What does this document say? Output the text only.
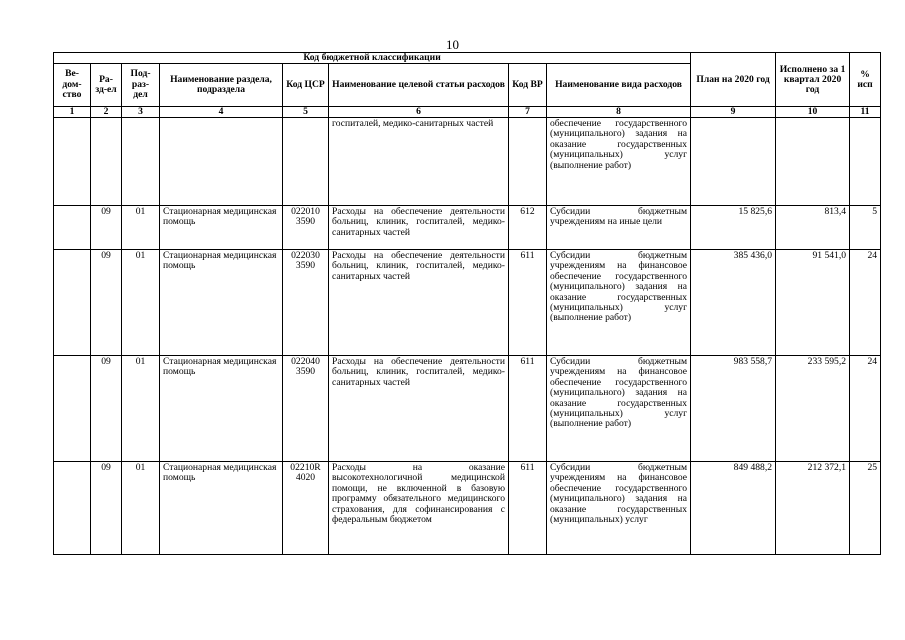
10
Код бюджетной классификации								План на 2020 год	Исполнено за 1 квартал 2020 год	% исп
Ве-дом-ство	Ра-зд-ел	Под-раз-дел	Наименование раздела, подраздела	Код ЦСР	Наименование целевой статьи расходов	Код ВР	Наименование вида расходов			
1	2	3	4	5	6	7	8	9	10	11
					госпиталей, медико-санитарных частей		обеспечение государственного (муниципального) задания на оказание государственных (муниципальных) услуг (выполнение работ)			
	09	01	Стационарная медицинская помощь	022010 3590	Расходы на обеспечение деятельности больниц, клиник, госпиталей, медико-санитарных частей	612	Субсидии бюджетным учреждениям на иные цели	15 825,6	813,4	5
	09	01	Стационарная медицинская помощь	022030 3590	Расходы на обеспечение деятельности больниц, клиник, госпиталей, медико-санитарных частей	611	Субсидии бюджетным учреждениям на финансовое обеспечение государственного (муниципального) задания на оказание государственных (муниципальных) услуг (выполнение работ)	385 436,0	91 541,0	24
	09	01	Стационарная медицинская помощь	022040 3590	Расходы на обеспечение деятельности больниц, клиник, госпиталей, медико-санитарных частей	611	Субсидии бюджетным учреждениям на финансовое обеспечение государственного (муниципального) задания на оказание государственных (муниципальных) услуг (выполнение работ)	983 558,7	233 595,2	24
	09	01	Стационарная медицинская помощь	02210R 4020	Расходы на оказание высокотехнологичной медицинской помощи, не включенной в базовую программу обязательного медицинского страхования, для софинансирования с федеральным бюджетом	611	Субсидии бюджетным учреждениям на финансовое обеспечение государственного (муниципального) задания на оказание государственных (муниципальных) услуг	849 488,2	212 372,1	25
